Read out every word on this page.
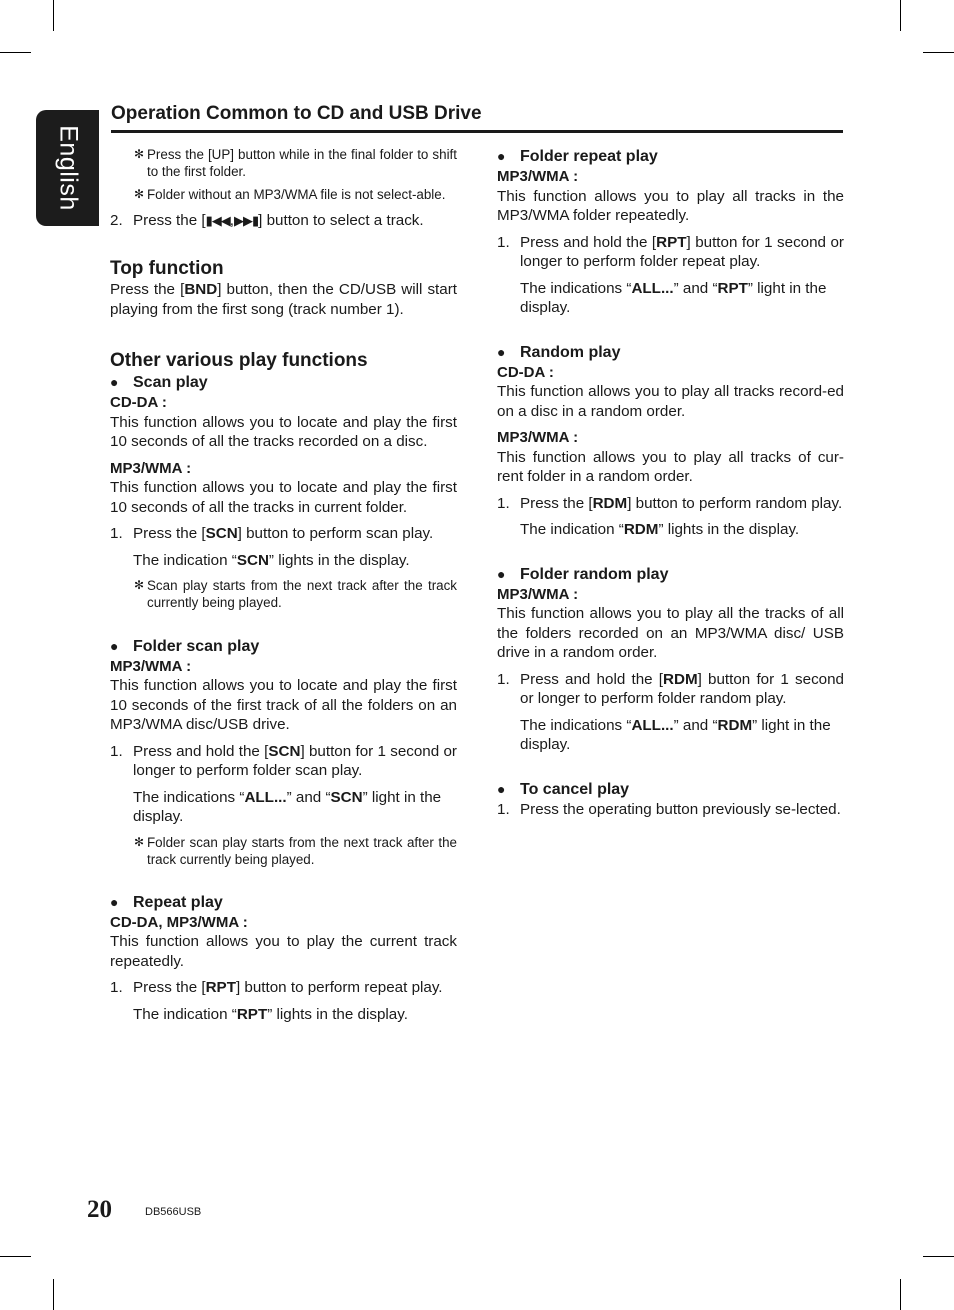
English
Operation Common to CD and USB Drive

✻ Press the [UP] button while in the final folder to shift to the first folder.

✻ Folder without an MP3/WMA file is not select-able.

2. Press the [▮◀◀,▶▶▮] button to select a track.

Top function

Press the [BND] button, then the CD/USB will start playing from the first song (track number 1).

Other various play functions

● Scan play

CD-DA :

This function allows you to locate and play the first 10 seconds of all the tracks recorded on a disc.

MP3/WMA :

This function allows you to locate and play the first 10 seconds of all the tracks in current folder.

1. Press the [SCN] button to perform scan play.

The indication “SCN” lights in the display.

✻ Scan play starts from the next track after the track currently being played.

● Folder scan play

MP3/WMA :

This function allows you to locate and play the first 10 seconds of the first track of all the folders on an MP3/WMA disc/USB drive.

1. Press and hold the [SCN] button for 1 second or longer to perform folder scan play.

The indications “ALL...” and “SCN” light in the display.

✻ Folder scan play starts from the next track after the track currently being played.

● Repeat play

CD-DA, MP3/WMA :

This function allows you to play the current track repeatedly.

1. Press the [RPT] button to perform repeat play.

The indication “RPT” lights in the display.

● Folder repeat play

MP3/WMA :

This function allows you to play all tracks in the MP3/WMA folder repeatedly.

1. Press and hold the [RPT] button for 1 second or longer to perform folder repeat play.

The indications “ALL...” and “RPT” light in the display.

● Random play

CD-DA :

This function allows you to play all tracks record-ed on a disc in a random order.

MP3/WMA :

This function allows you to play all tracks of cur-rent folder in a random order.

1. Press the [RDM] button to perform random play.

The indication “RDM” lights in the display.

● Folder random play

MP3/WMA :

This function allows you to play all the tracks of all the folders recorded on an MP3/WMA disc/ USB drive in a random order.

1. Press and hold the [RDM] button for 1 second or longer to perform folder random play.

The indications “ALL...” and “RDM” light in the display.

● To cancel play

1. Press the operating button previously se-lected.

20	DB566USB
